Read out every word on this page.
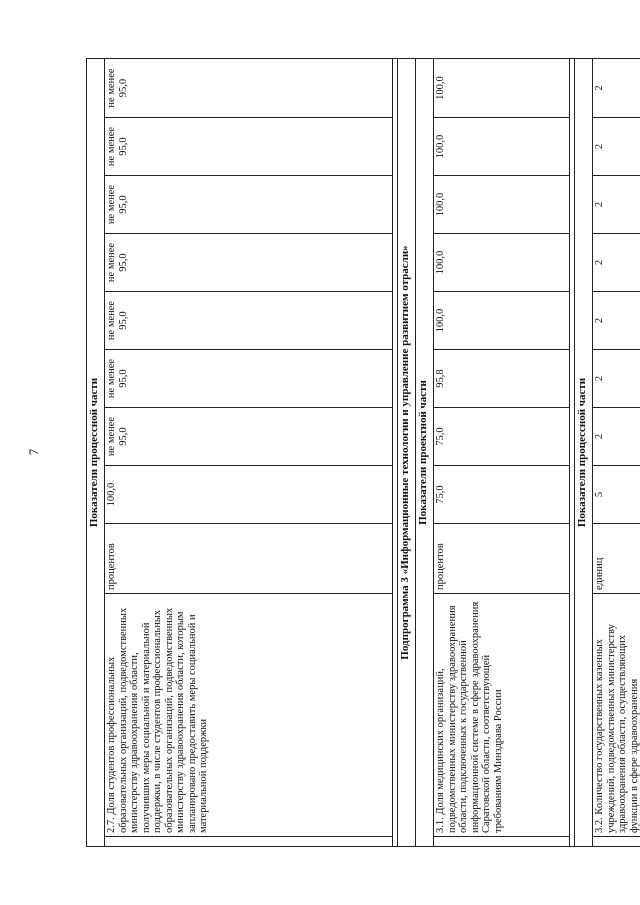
7	Показатели процессной части										
	2.7. Доля студентов профессиональных образовательных организаций, подведомственных министерству здравоохранения области, получивших меры социальной и материальной поддержки, в числе студентов профессиональных образовательных организаций, подведомственных министерству здравоохранения области, которым запланировано предоставить меры социальной и материальной поддержки	процентов	100,0	не менее 95,0	не менее 95,0	не менее 95,0	не менее 95,0	не менее 95,0	не менее 95,0	не менее 95,0

Подпрограмма 3 «Информационные технологии и управление развитием отрасли»										
Показатели проектной части										
	3.1. Доля медицинских организаций, подведомственных министерству здравоохранения области, подключенных к государственной информационной системе в сфере здравоохранения Саратовской области, соответствующей требованиям Минздрава России	процентов	75,0	75,0	95,8	100,0	100,0	100,0	100,0	100,0

Показатели процессной части										
	3.2. Количество государственных казенных учреждений, подведомственных министерству здравоохранения области, осуществляющих функции в сфере здравоохранения	единиц	5	2	2	2	2	2	2	2
